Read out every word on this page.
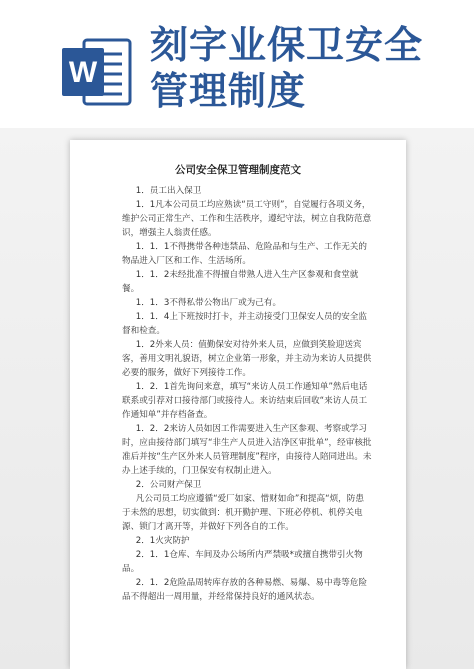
W
刻字业保卫安全管理制度
公司安全保卫管理制度范文

1．员工出入保卫

1．1凡本公司员工均应熟读“员工守则”，自觉履行各项义务，维护公司正常生产、工作和生活秩序，遵纪守法，树立自我防范意识，增强主人翁责任感。

1．1．1不得携带各种违禁品、危险品和与生产、工作无关的物品进入厂区和工作、生活场所。

1．1．2未经批准不得擅自带熟人进入生产区参观和食堂就餐。

1．1．3不得私带公物出厂或为己有。

1．1．4上下班按时打卡，并主动接受门卫保安人员的安全监督和检查。

1．2外来人员：值勤保安对待外来人员，应做到笑脸迎送宾客，善用文明礼貌语，树立企业第一形象，并主动为来访人员提供必要的服务，做好下列接待工作。

1．2．1首先询问来意，填写“来访人员工作通知单”然后电话联系或引荐对口接待部门或接待人。来访结束后回收“来访人员工作通知单”并存档备查。

1．2．2来访人员如因工作需要进入生产区参观、考察或学习时，应由接待部门填写“非生产人员进入洁净区审批单”，经审核批准后并按“生产区外来人员管理制度”程序，由接待人陪同进出。未办上述手续的，门卫保安有权制止进入。

2．公司财产保卫

凡公司员工均应遵循“爱厂如家、惜财如命”和提高“烦，防患于未然的思想，切实做到：机开勤护理、下班必停机、机停关电源、锁门才离开等，并做好下列各自的工作。

2．1火灾防护

2．1．1仓库、车间及办公场所内严禁吸*或擅自携带引火物品。

2．1．2危险品周转库存放的各种易燃、易爆、易中毒等危险品不得超出一周用量，并经常保持良好的通风状态。
